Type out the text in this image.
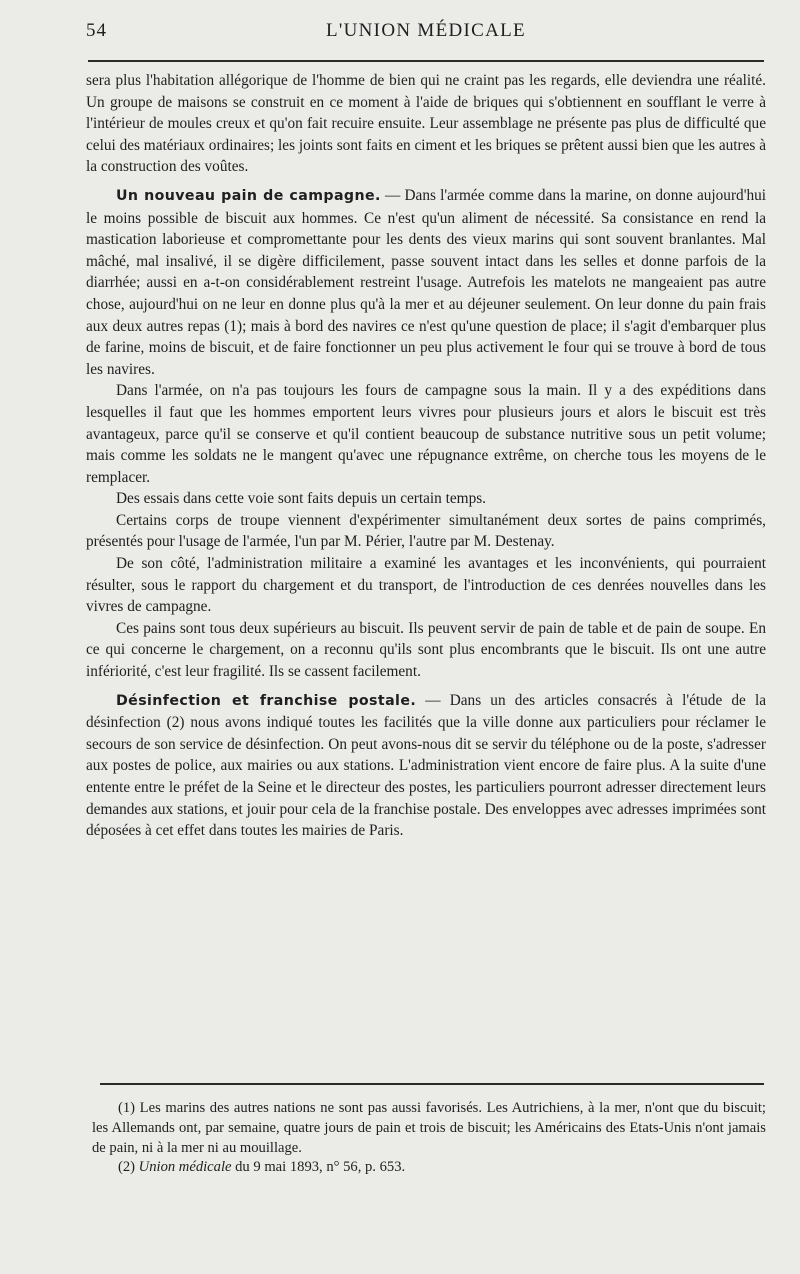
54	L'UNION MÉDICALE

sera plus l'habitation allégorique de l'homme de bien qui ne craint pas les regards, elle deviendra une réalité. Un groupe de maisons se construit en ce moment à l'aide de briques qui s'obtiennent en soufflant le verre à l'intérieur de moules creux et qu'on fait recuire ensuite. Leur assemblage ne présente pas plus de difficulté que celui des matériaux ordinaires; les joints sont faits en ciment et les briques se prêtent aussi bien que les autres à la construction des voûtes.

Un nouveau pain de campagne. — Dans l'armée comme dans la marine, on donne aujourd'hui le moins possible de biscuit aux hommes. Ce n'est qu'un aliment de nécessité. Sa consistance en rend la mastication laborieuse et compromettante pour les dents des vieux marins qui sont souvent branlantes. Mal mâché, mal insalivé, il se digère difficilement, passe souvent intact dans les selles et donne parfois de la diarrhée; aussi en a-t-on considérablement restreint l'usage. Autrefois les matelots ne mangeaient pas autre chose, aujourd'hui on ne leur en donne plus qu'à la mer et au déjeuner seulement. On leur donne du pain frais aux deux autres repas (1); mais à bord des navires ce n'est qu'une question de place; il s'agit d'embarquer plus de farine, moins de biscuit, et de faire fonctionner un peu plus activement le four qui se trouve à bord de tous les navires.

Dans l'armée, on n'a pas toujours les fours de campagne sous la main. Il y a des expéditions dans lesquelles il faut que les hommes emportent leurs vivres pour plusieurs jours et alors le biscuit est très avantageux, parce qu'il se conserve et qu'il contient beaucoup de substance nutritive sous un petit volume; mais comme les soldats ne le mangent qu'avec une répugnance extrême, on cherche tous les moyens de le remplacer.

Des essais dans cette voie sont faits depuis un certain temps.

Certains corps de troupe viennent d'expérimenter simultanément deux sortes de pains comprimés, présentés pour l'usage de l'armée, l'un par M. Périer, l'autre par M. Destenay.

De son côté, l'administration militaire a examiné les avantages et les inconvénients, qui pourraient résulter, sous le rapport du chargement et du transport, de l'introduction de ces denrées nouvelles dans les vivres de campagne.

Ces pains sont tous deux supérieurs au biscuit. Ils peuvent servir de pain de table et de pain de soupe. En ce qui concerne le chargement, on a reconnu qu'ils sont plus encombrants que le biscuit. Ils ont une autre infériorité, c'est leur fragilité. Ils se cassent facilement.

Désinfection et franchise postale. — Dans un des articles consacrés à l'étude de la désinfection (2) nous avons indiqué toutes les facilités que la ville donne aux particuliers pour réclamer le secours de son service de désinfection. On peut avons-nous dit se servir du téléphone ou de la poste, s'adresser aux postes de police, aux mairies ou aux stations. L'administration vient encore de faire plus. A la suite d'une entente entre le préfet de la Seine et le directeur des postes, les particuliers pourront adresser directement leurs demandes aux stations, et jouir pour cela de la franchise postale. Des enveloppes avec adresses imprimées sont déposées à cet effet dans toutes les mairies de Paris.

(1) Les marins des autres nations ne sont pas aussi favorisés. Les Autrichiens, à la mer, n'ont que du biscuit; les Allemands ont, par semaine, quatre jours de pain et trois de biscuit; les Américains des Etats-Unis n'ont jamais de pain, ni à la mer ni au mouillage.

(2) Union médicale du 9 mai 1893, n° 56, p. 653.
